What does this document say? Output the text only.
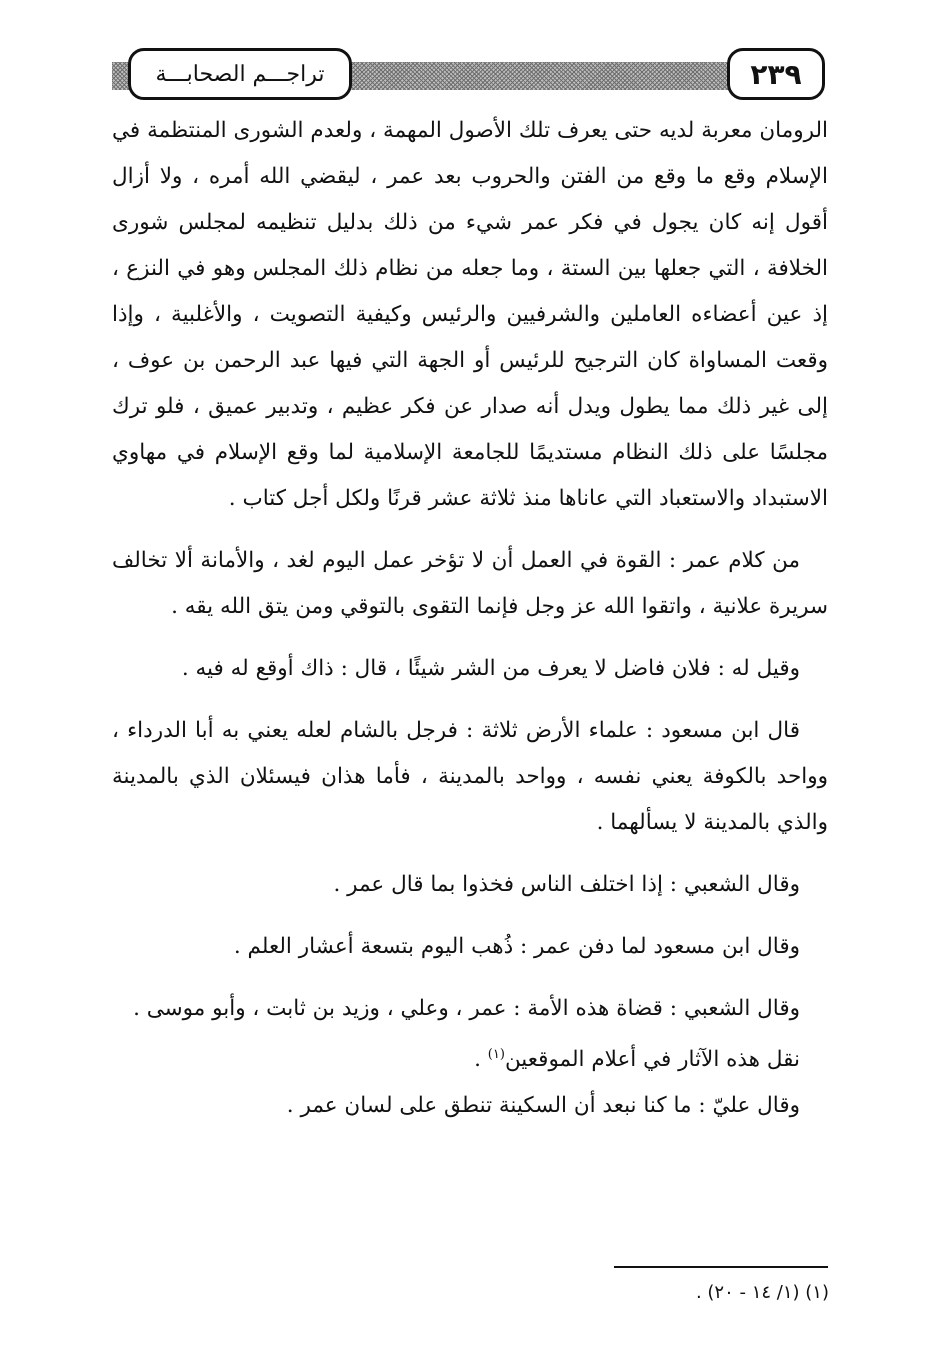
تراجـــم الصحابـــة	٢٣٩

الرومان معربة لديه حتى يعرف تلك الأصول المهمة ، ولعدم الشورى المنتظمة في الإسلام وقع ما وقع من الفتن والحروب بعد عمر ، ليقضي الله أمره ، ولا أزال أقول إنه كان يجول في فكر عمر شيء من ذلك بدليل تنظيمه لمجلس شورى الخلافة ، التي جعلها بين الستة ، وما جعله من نظام ذلك المجلس وهو في النزع ، إذ عين أعضاءه العاملين والشرفيين والرئيس وكيفية التصويت ، والأغلبية ، وإذا وقعت المساواة كان الترجيح للرئيس أو الجهة التي فيها عبد الرحمن بن عوف ، إلى غير ذلك مما يطول ويدل أنه صدار عن فكر عظيم ، وتدبير عميق ، فلو ترك مجلسًا على ذلك النظام مستديمًا للجامعة الإسلامية لما وقع الإسلام في مهاوي الاستبداد والاستعباد التي عاناها منذ ثلاثة عشر قرنًا ولكل أجل كتاب .

من كلام عمر : القوة في العمل أن لا تؤخر عمل اليوم لغد ، والأمانة ألا تخالف سريرة علانية ، واتقوا الله عز وجل فإنما التقوى بالتوقي ومن يتق الله يقه .

وقيل له : فلان فاضل لا يعرف من الشر شيئًا ، قال : ذاك أوقع له فيه .

قال ابن مسعود : علماء الأرض ثلاثة : فرجل بالشام لعله يعني به أبا الدرداء ، وواحد بالكوفة يعني نفسه ، وواحد بالمدينة ، فأما هذان فيسئلان الذي بالمدينة والذي بالمدينة لا يسألهما .

وقال الشعبي : إذا اختلف الناس فخذوا بما قال عمر .

وقال ابن مسعود لما دفن عمر : ذُهب اليوم بتسعة أعشار العلم .

وقال الشعبي : قضاة هذه الأمة : عمر ، وعلي ، وزيد بن ثابت ، وأبو موسى .

نقل هذه الآثار في أعلام الموقعين$^{(١)}$ .

وقال عليّ : ما كنا نبعد أن السكينة تنطق على لسان عمر .

(١) (١/ ١٤ - ٢٠) .
